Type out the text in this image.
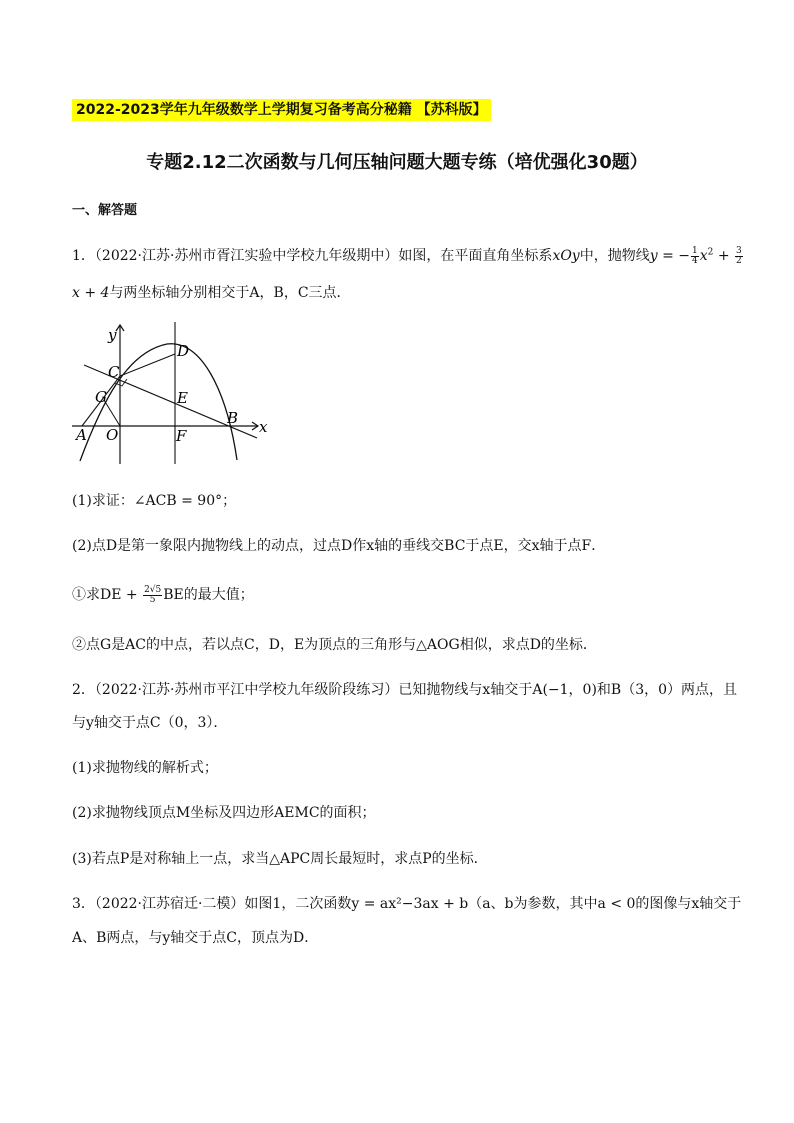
2022-2023学年九年级数学上学期复习备考高分秘籍 【苏科版】
专题2.12二次函数与几何压轴问题大题专练（培优强化30题）
一、解答题
1．（2022·江苏·苏州市胥江实验中学校九年级期中）如图，在平面直角坐标系xOy中，抛物线y = − $\frac{1}{4} x^2 + \frac{3}{2}$
x + 4与两坐标轴分别相交于A，B，C三点．
y
x
A O
B
C
D
E
F
G
(1)求证：∠ACB = 90°；
(2)点D是第一象限内抛物线上的动点，过点D作x轴的垂线交BC于点E，交x轴于点F．
①求DE + $\frac{2√5}{5}$ BE的最大值；
②点G是AC的中点，若以点C，D，E为顶点的三角形与△AOG相似，求点D的坐标．
2．（2022·江苏·苏州市平江中学校九年级阶段练习）已知抛物线与x轴交于A(−1，0)和B（3，0）两点，且
与y轴交于点C（0，3）．
(1)求抛物线的解析式；
(2)求抛物线顶点M坐标及四边形AEMC的面积；
(3)若点P是对称轴上一点，求当△APC周长最短时，求点P的坐标．
3．（2022·江苏宿迁·二模）如图1，二次函数y = ax²−3ax + b（a、b为参数，其中a < 0的图像与x轴交于
A、B两点，与y轴交于点C，顶点为D．
